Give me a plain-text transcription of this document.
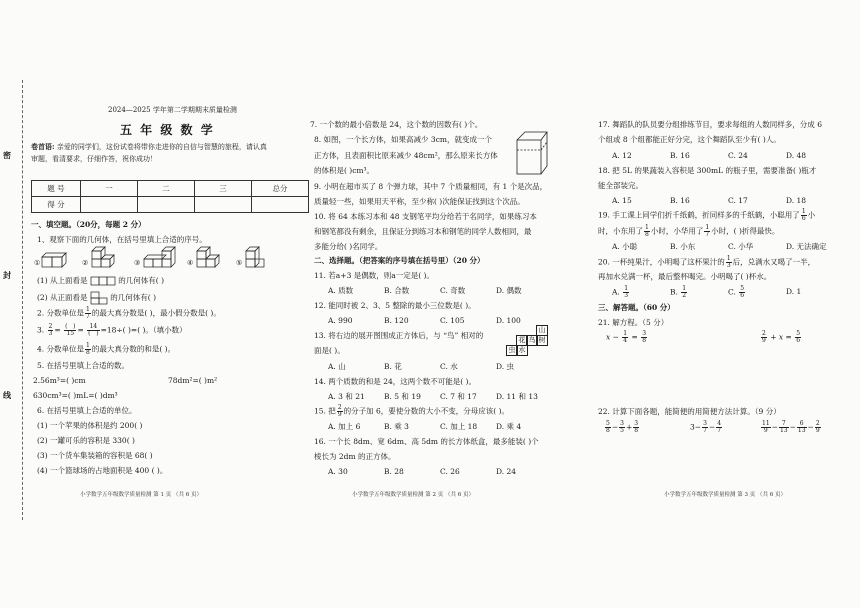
密
封
线
2024—2025 学年第二学期期末质量检测
五 年 级 数 学
卷首语: 亲爱的同学们，这份试卷将带你走进你的自信与智慧的旅程，请认真
审题，看清要求，仔细作答，祝你成功！
题 号	一	二	三	总分
得 分				
一、填空题。（20分，每题 2 分）
1、观察下面的几何体，在括号里填上合适的序号。
①	②	③	④	⑤
(1) 从上面看是	的几何体有( )
(2) 从正面看是	的几何体有( )
2. 分数单位是 $\frac{1}{7}$ 的最大真分数是( )，最小假分数是( )。
3. $\frac{2}{3} = \frac{( )}{15} = \frac{14}{( )} =18\div$( )=( )。（填小数）
4. 分数单位是 $\frac{1}{8}$ 的最大真分数的和是( )。
5. 在括号里填上合适的数。
2.56m³=( )cm	78dm²=( )m²
630cm³=( )mL=( )dm³
6. 在括号里填上合适的单位。
(1) 一个苹果的体积是约 200( )
(2) 一罐可乐的容积是 330( )
(3) 一个货车集装箱的容积是 68( )
(4) 一个篮球场的占地面积是 400 ( )。
小学数学五年级数学质量检测 第 1 页 （共 6 页）
7. 一个数的最小倍数是 24，这个数的因数有( )个。
8. 如图，一个长方体，如果高减少 3cm，就变成一个
正方体，且表面积比原来减少 48cm²，那么原来长方体
的体积是( )cm³。
9. 小明在超市买了 8 个弹力球，其中 7 个质量相同，有 1 个是次品，
质量轻一些，如果用天平称，至少称( )次能保证找到这个次品。
10. 将 64 本练习本和 48 支钢笔平均分给若干名同学，如果练习本
和钢笔都没有剩余，且保证分到练习本和钢笔的同学人数相同，最
多能分给( )名同学。
二、选择题。（把答案的序号填在括号里）（20 分）
11. 若a+3 是偶数，则a一定是( )。
A. 质数	B. 合数	C. 奇数	D. 偶数
12. 能同时被 2、3、5 整除的最小三位数是( )。
A. 990	B. 120	C. 105	D. 100
13. 将右边的展开图围成正方体后，与 “鸟” 相对的
面是( )。
山
花 鸟 树
虫 水
A. 山	B. 花	C. 水	D. 虫
14. 两个质数的和是 24，这两个数不可能是( )。
A. 3 和 21	B. 5 和 19	C. 7 和 17	D. 11 和 13
15. 把 $\frac{2}{9}$ 的分子加 6，要使分数的大小不变，分母应该( )。
A. 加上 6	B. 乘 3	C. 加上 18	D. 乘 4
16. 一个长 8dm、宽 6dm、高 5dm 的长方体纸盒，最多能装( )个
棱长为 2dm 的正方体。
A. 30	B. 28	C. 26	D. 24
小学数学五年级数学质量检测 第 2 页 （共 6 页）
17. 舞蹈队的队员要分组排练节目，要求每组的人数同样多，分成 6
个组或 8 个组都能正好分完，这个舞蹈队至少有( )人。
A. 12	B. 16	C. 24	D. 48
18. 把 5L 的果蔬装入容积是 300mL 的瓶子里，需要准备( )瓶才
能全部装完。
A. 15	B. 16	C. 17	D. 18
19. 手工课上同学们折千纸鹤，折同样多的千纸鹤，小聪用了 $\frac{1}{6}$ 小
时，小东用了 $\frac{1}{8}$ 小时，小华用了 $\frac{1}{7}$ 小时，( )折得最快。
A. 小聪	B. 小东	C. 小华	D. 无法确定
20. 一杯纯果汁，小明喝了这杯果汁的 $\frac{1}{3}$ 后，兑满水又喝了一半，
再加水兑满一杯，最后整杯喝完。小明喝了( )杯水。
A. $\frac{1}{3}$	B. $\frac{1}{2}$	C. $\frac{5}{6}$	D. 1
三、解答题。（60 分）
21. 解方程。（5 分）
$x - \frac{1}{4} = \frac{3}{8}$	$\frac{2}{9} + x = \frac{5}{6}$
22. 计算下面各题，能简便的用简便方法计算。（9 分）
$\frac{5}{8} - \frac{3}{5} + \frac{3}{8}$	$3- \frac{3}{7} - \frac{4}{7}$	$\frac{11}{9} - \frac{7}{13} - \frac{6}{13} - \frac{2}{9}$
小学数学五年级数学质量检测 第 3 页 （共 6 页）
